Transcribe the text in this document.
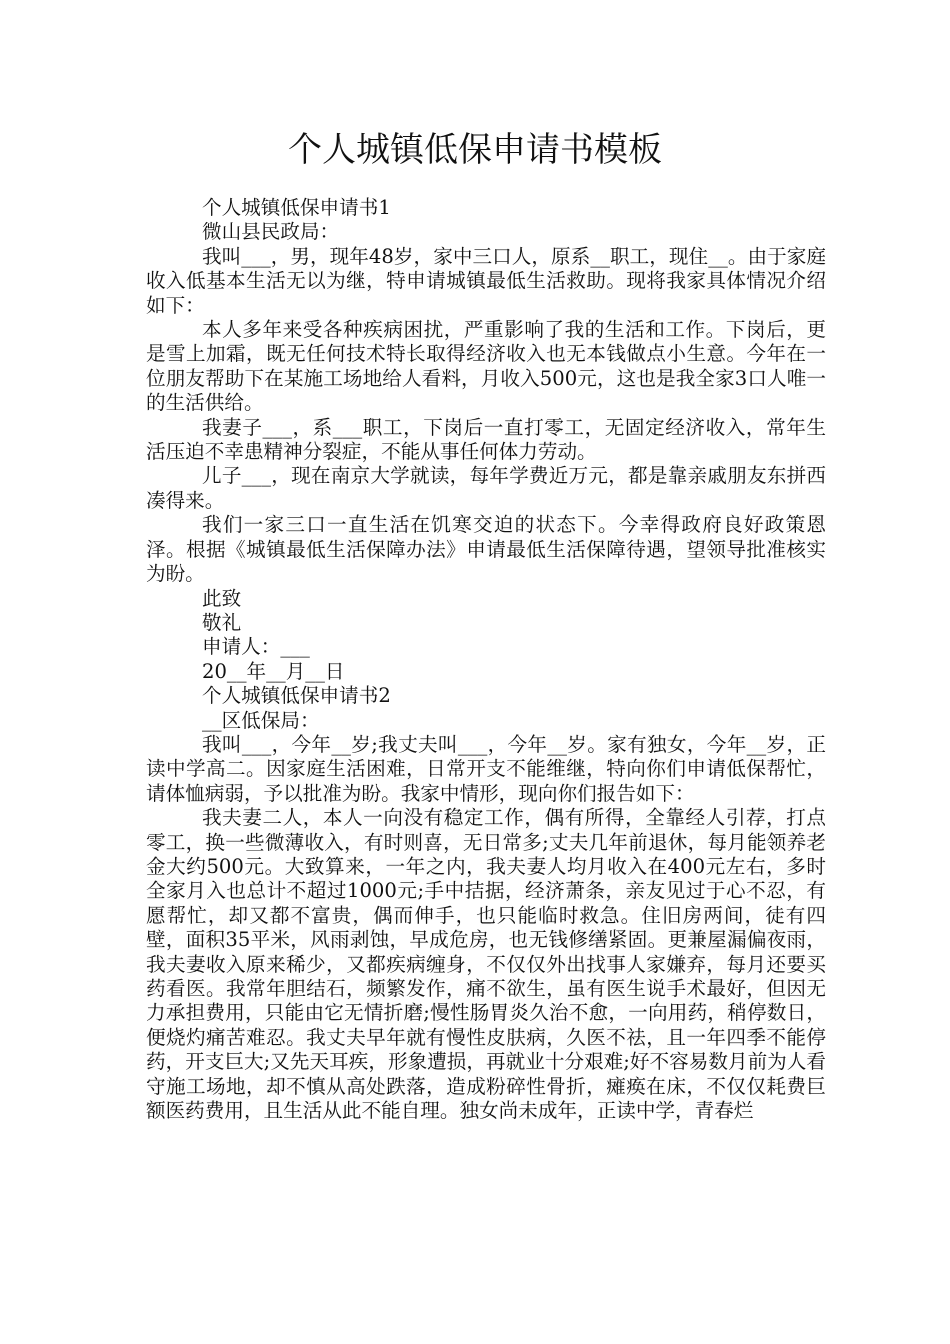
个人城镇低保申请书模板

个人城镇低保申请书1

微山县民政局：

我叫___，男，现年48岁，家中三口人，原系__职工，现住__。由于家庭收入低基本生活无以为继，特申请城镇最低生活救助。现将我家具体情况介绍如下：

本人多年来受各种疾病困扰，严重影响了我的生活和工作。下岗后，更是雪上加霜，既无任何技术特长取得经济收入也无本钱做点小生意。今年在一位朋友帮助下在某施工场地给人看料，月收入500元，这也是我全家3口人唯一的生活供给。

我妻子___，系___职工，下岗后一直打零工，无固定经济收入，常年生活压迫不幸患精神分裂症，不能从事任何体力劳动。

儿子___，现在南京大学就读，每年学费近万元，都是靠亲戚朋友东拼西凑得来。

我们一家三口一直生活在饥寒交迫的状态下。今幸得政府良好政策恩泽。根据《城镇最低生活保障办法》申请最低生活保障待遇，望领导批准核实为盼。

此致

敬礼

申请人：___

20__年__月__日

个人城镇低保申请书2

__区低保局：

我叫___，今年__岁;我丈夫叫___，今年__岁。家有独女，今年__岁，正读中学高二。因家庭生活困难，日常开支不能维继，特向你们申请低保帮忙，请体恤病弱，予以批准为盼。我家中情形，现向你们报告如下：

我夫妻二人，本人一向没有稳定工作，偶有所得，全靠经人引荐，打点零工，换一些微薄收入，有时则喜，无日常多;丈夫几年前退休，每月能领养老金大约500元。大致算来，一年之内，我夫妻人均月收入在400元左右，多时全家月入也总计不超过1000元;手中拮据，经济萧条，亲友见过于心不忍，有愿帮忙，却又都不富贵，偶而伸手，也只能临时救急。住旧房两间，徒有四壁，面积35平米，风雨剥蚀，早成危房，也无钱修缮紧固。更兼屋漏偏夜雨，我夫妻收入原来稀少，又都疾病缠身，不仅仅外出找事人家嫌弃，每月还要买药看医。我常年胆结石，频繁发作，痛不欲生，虽有医生说手术最好，但因无力承担费用，只能由它无情折磨;慢性肠胃炎久治不愈，一向用药，稍停数日，便烧灼痛苦难忍。我丈夫早年就有慢性皮肤病，久医不祛，且一年四季不能停药，开支巨大;又先天耳疾，形象遭损，再就业十分艰难;好不容易数月前为人看守施工场地，却不慎从高处跌落，造成粉碎性骨折，瘫痪在床，不仅仅耗费巨额医药费用，且生活从此不能自理。独女尚未成年，正读中学，青春烂
